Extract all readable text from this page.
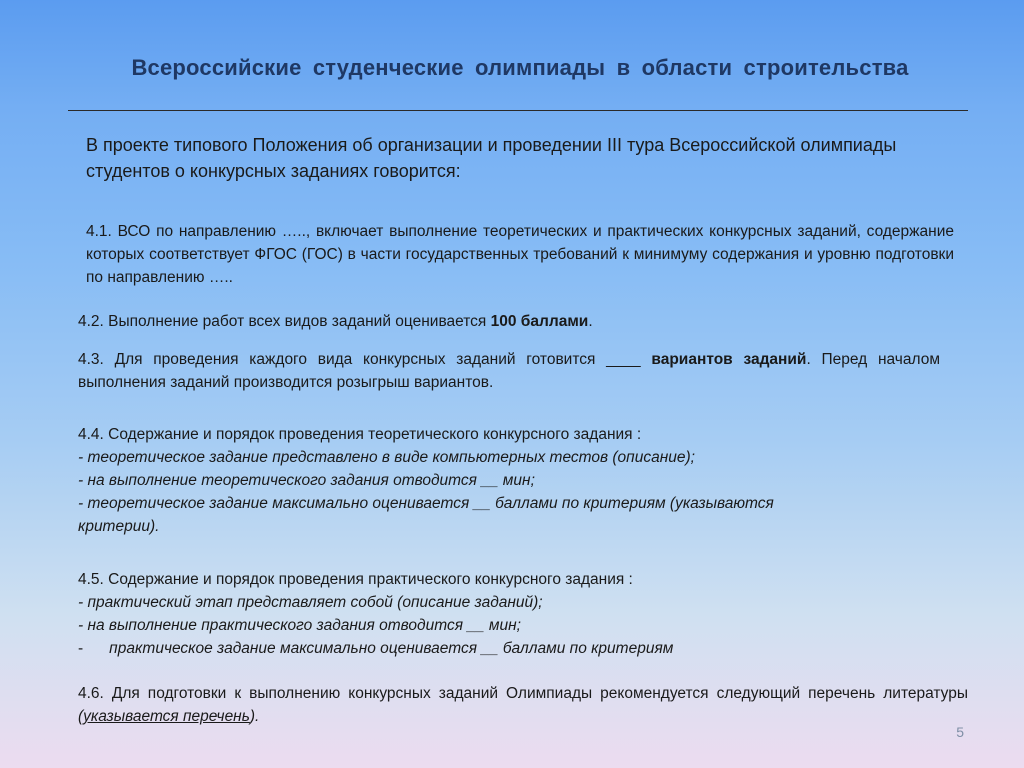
Всероссийские студенческие олимпиады в области строительства
В проекте типового Положения об организации и проведении III тура Всероссийской олимпиады студентов о конкурсных заданиях говорится:

4.1. ВСО по направлению ….., включает выполнение теоретических и практических конкурсных заданий, содержание которых соответствует ФГОС (ГОС) в части государственных требований к минимуму содержания и уровню подготовки по направлению …..

4.2. Выполнение работ всех видов заданий оценивается 100 баллами.

4.3. Для проведения каждого вида конкурсных заданий готовится ____ вариантов заданий. Перед началом выполнения заданий производится розыгрыш вариантов.

4.4. Содержание и порядок проведения теоретического конкурсного задания :
- теоретическое задание представлено в виде компьютерных тестов (описание);
- на выполнение теоретического задания отводится __ мин;
- теоретическое задание максимально оценивается __ баллами по критериям (указываются
критерии).
4.5. Содержание и порядок проведения практического конкурсного задания :
- практический этап представляет собой (описание заданий);
- на выполнение практического задания отводится __ мин;
- практическое задание максимально оценивается __ баллами по критериям

4.6. Для подготовки к выполнению конкурсных заданий Олимпиады рекомендуется следующий перечень литературы (указывается перечень).

5
